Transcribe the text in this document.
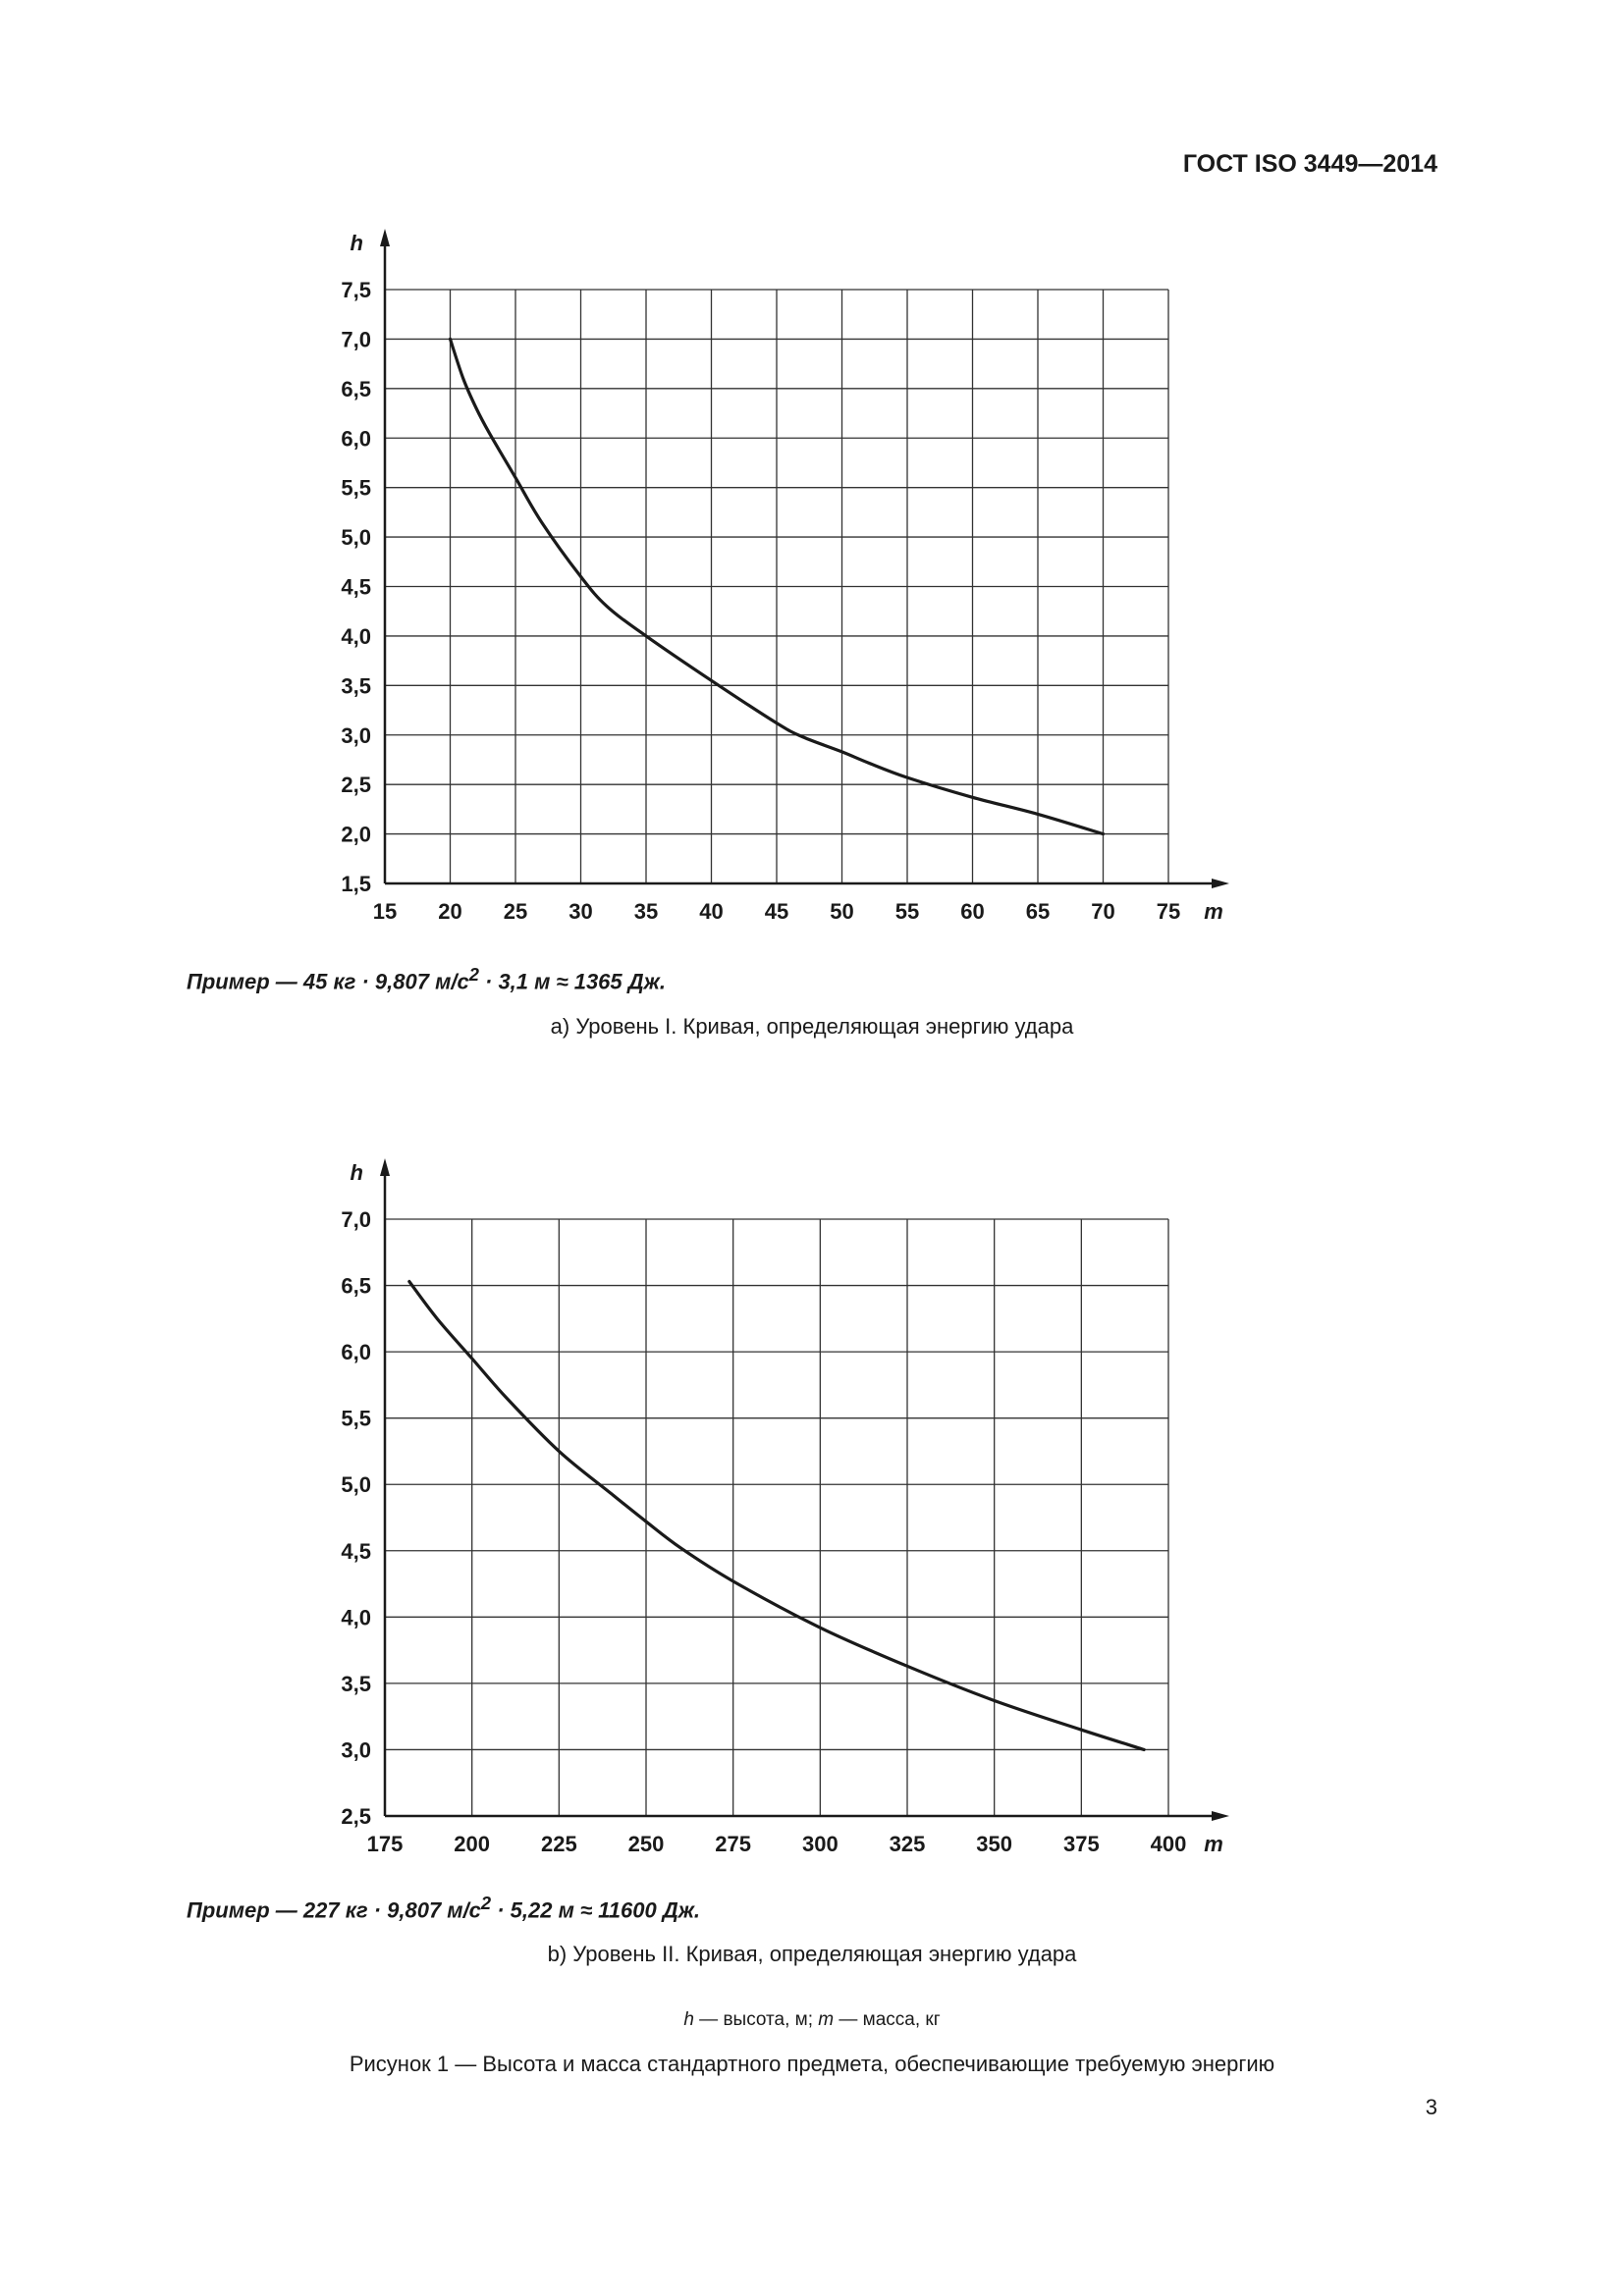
ГОСТ ISO 3449—2014
1,5
2,0
2,5
3,0
3,5
4,0
4,5
5,0
5,5
6,0
6,5
7,0
7,5
15 20 25 30 35 40 45 50 55 60 65 70 75
h
m
Пример — 45 кг · 9,807 $м/с^2 \cdot 3,1$ м ≈ 1365 Дж.
a) Уровень I. Кривая, определяющая энергию удара
2,5
3,0
3,5
4,0
4,5
5,0
5,5
6,0
6,5
7,0
175 200 225 250 275 300 325 350 375 400
h
m
Пример — 227 кг · 9,807 $м/с^2 \cdot 5,22$ м ≈ 11600 Дж.
b) Уровень II. Кривая, определяющая энергию удара
h — высота, м; m — масса, кг
Рисунок 1 — Высота и масса стандартного предмета, обеспечивающие требуемую энергию
3
